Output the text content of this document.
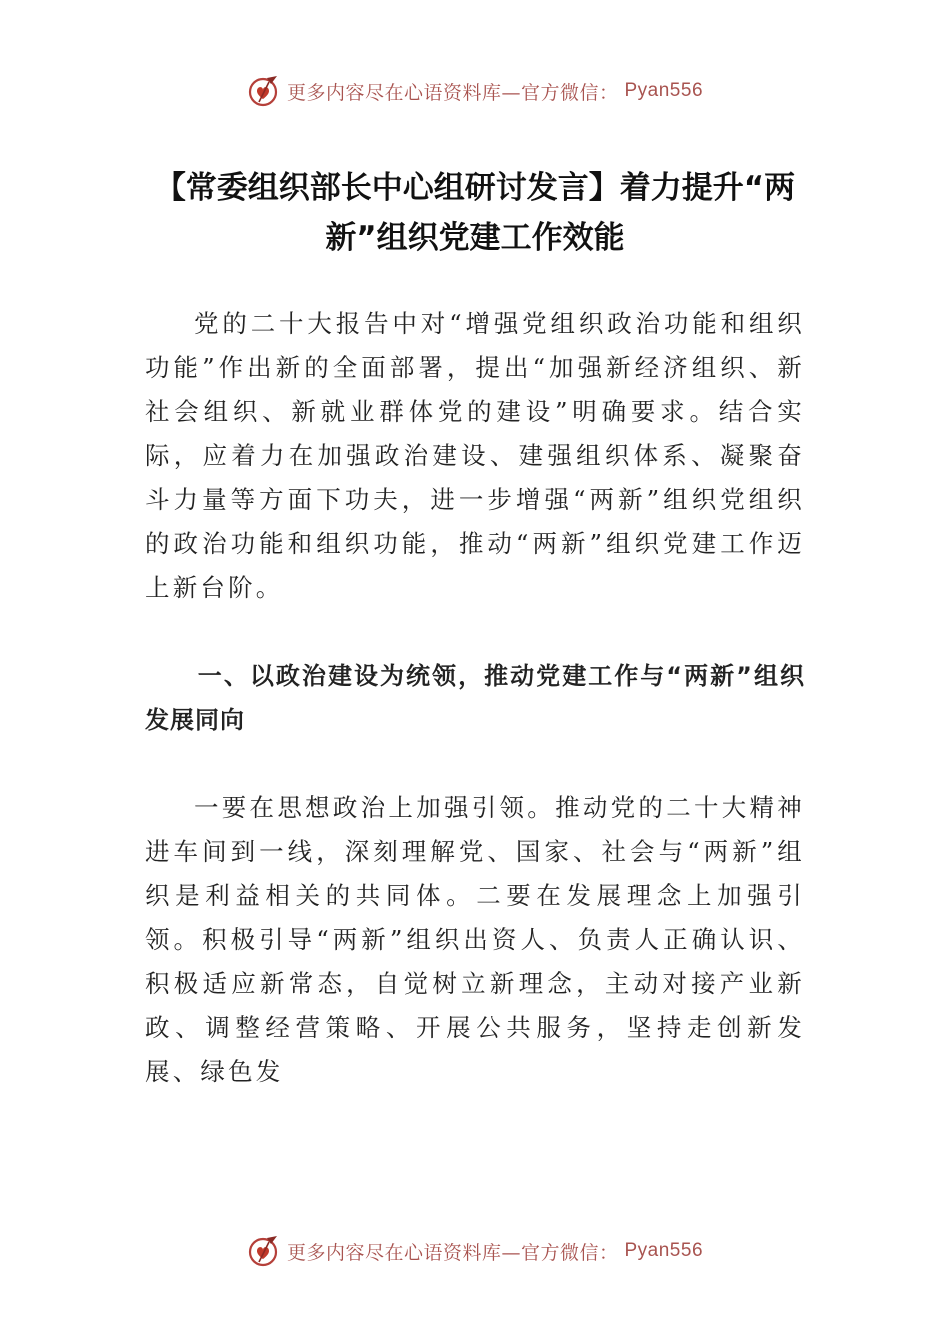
更多内容尽在心语资料库—官方微信： Pyan556
【常委组织部长中心组研讨发言】着力提升“两新”组织党建工作效能

党的二十大报告中对“增强党组织政治功能和组织功能”作出新的全面部署，提出“加强新经济组织、新社会组织、新就业群体党的建设”明确要求。结合实际，应着力在加强政治建设、建强组织体系、凝聚奋斗力量等方面下功夫，进一步增强“两新”组织党组织的政治功能和组织功能，推动“两新”组织党建工作迈上新台阶。

一、以政治建设为统领，推动党建工作与“两新”组织发展同向

一要在思想政治上加强引领。推动党的二十大精神进车间到一线，深刻理解党、国家、社会与“两新”组织是利益相关的共同体。二要在发展理念上加强引领。积极引导“两新”组织出资人、负责人正确认识、积极适应新常态，自觉树立新理念，主动对接产业新政、调整经营策略、开展公共服务，坚持走创新发展、绿色发

更多内容尽在心语资料库—官方微信： Pyan556
